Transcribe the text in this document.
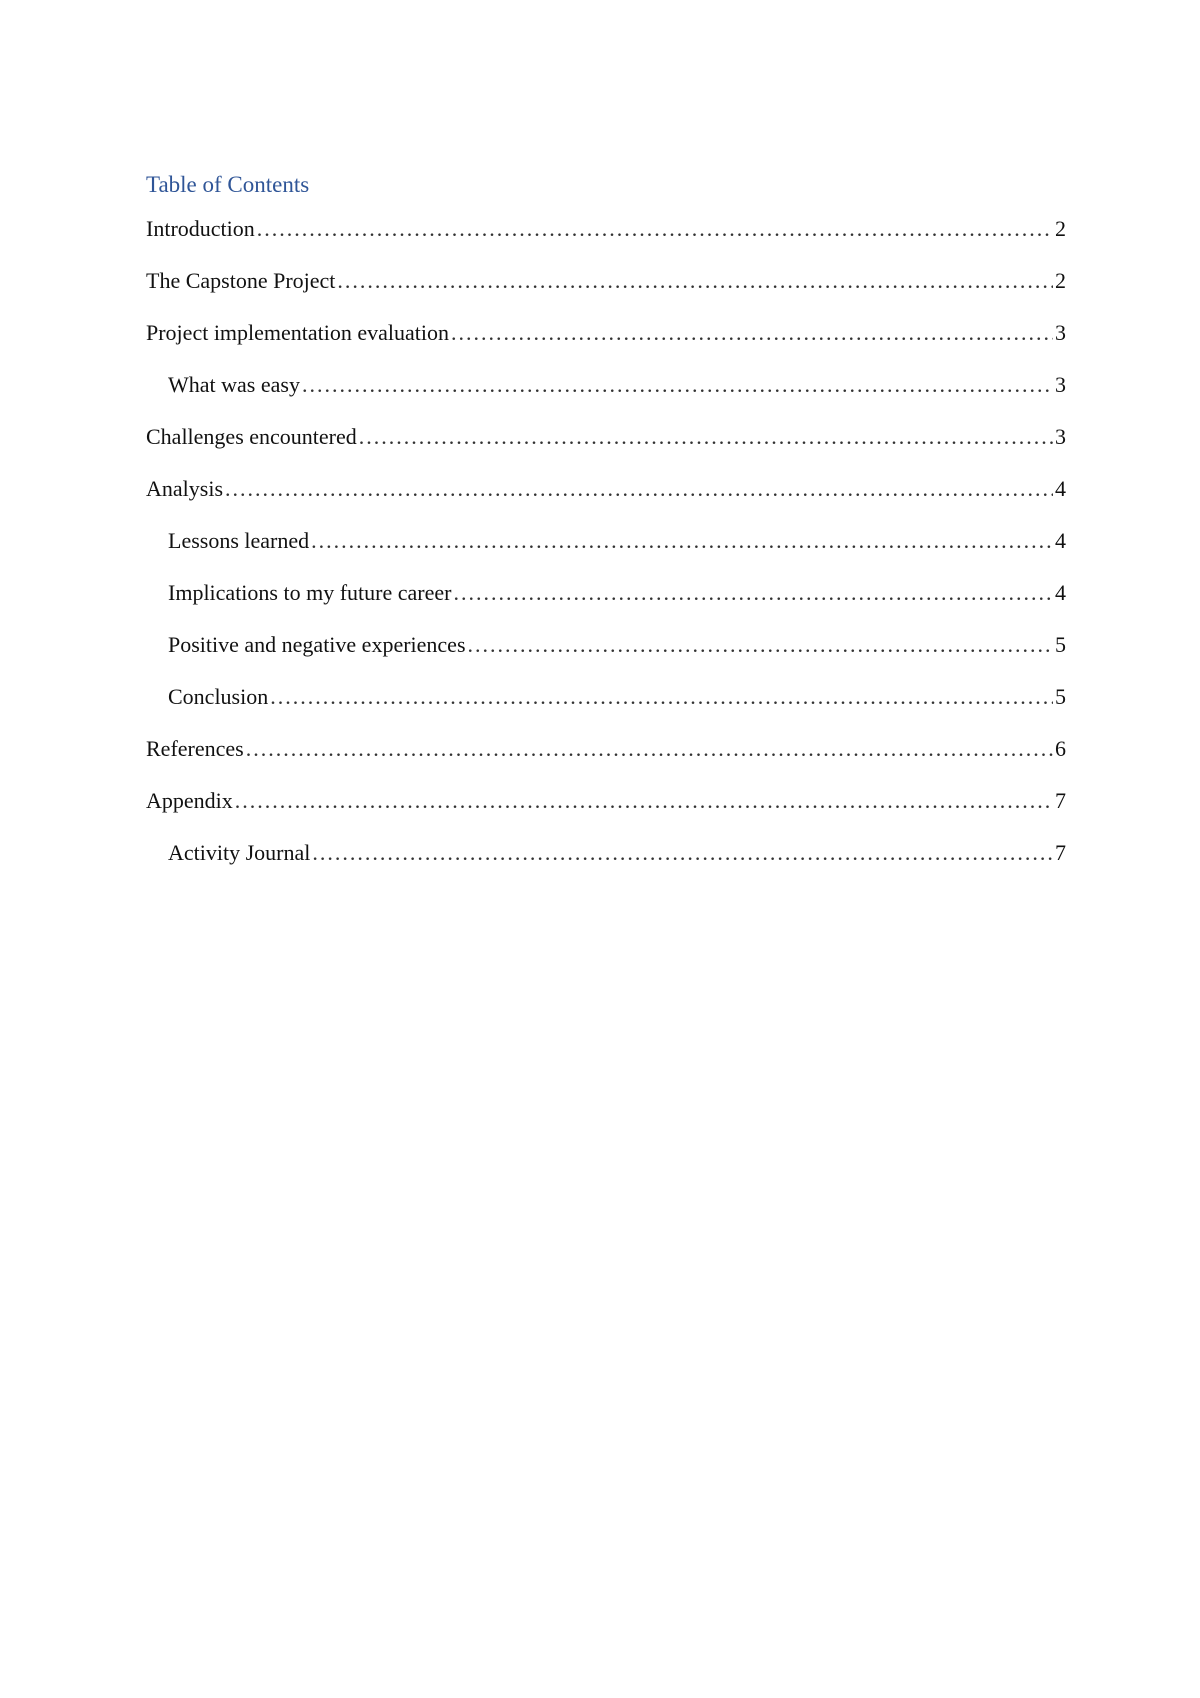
Table of Contents
Introduction .....	2
The Capstone Project .....	2
Project implementation evaluation .....	3
What was easy .....	3
Challenges encountered .....	3
Analysis .....	4
Lessons learned .....	4
Implications to my future career .....	4
Positive and negative experiences .....	5
Conclusion .....	5
References .....	6
Appendix .....	7
Activity Journal .....	7
